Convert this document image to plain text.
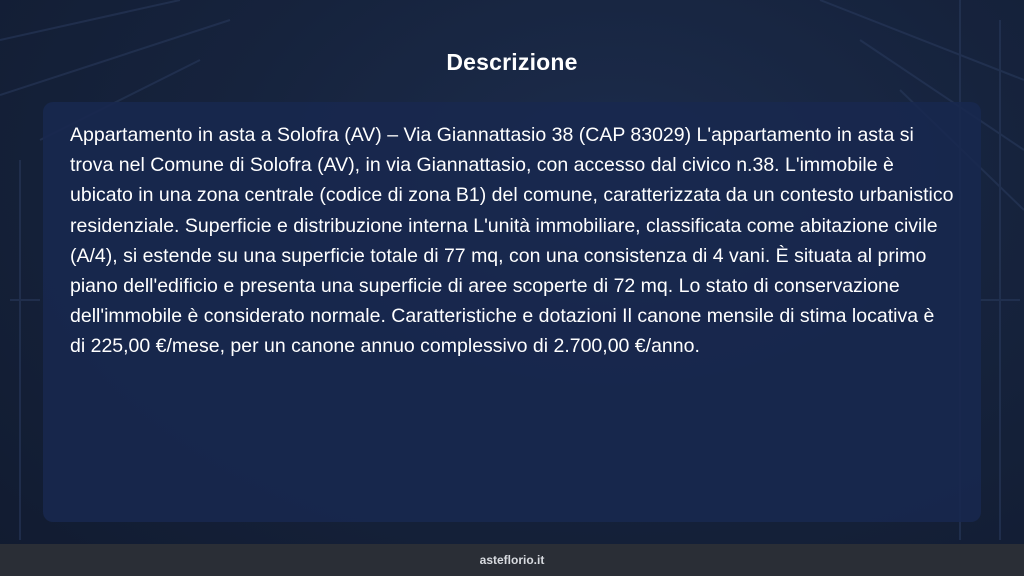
Descrizione

Appartamento in asta a Solofra (AV) – Via Giannattasio 38 (CAP 83029) L'appartamento in asta si trova nel Comune di Solofra (AV), in via Giannattasio, con accesso dal civico n.38. L'immobile è ubicato in una zona centrale (codice di zona B1) del comune, caratterizzata da un contesto urbanistico residenziale. Superficie e distribuzione interna L'unità immobiliare, classificata come abitazione civile (A/4), si estende su una superficie totale di 77 mq, con una consistenza di 4 vani. È situata al primo piano dell'edificio e presenta una superficie di aree scoperte di 72 mq. Lo stato di conservazione dell'immobile è considerato normale. Caratteristiche e dotazioni Il canone mensile di stima locativa è di 225,00 €/mese, per un canone annuo complessivo di 2.700,00 €/anno.

asteflorio.it
